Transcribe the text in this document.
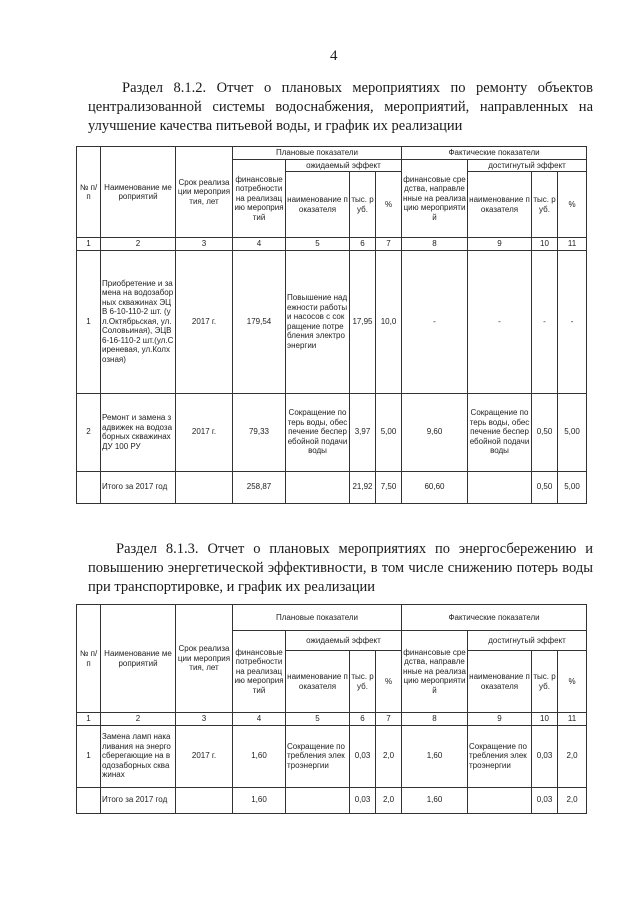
4
Раздел 8.1.2. Отчет о плановых мероприятиях по ремонту объектов централизованной системы водоснабжения, мероприятий, направленных на улучшение качества питьевой воды, и график их реализации
№ п/п	Наименование мероприятий	Срок реализации мероприятия, лет	Плановые показатели				Фактические показатели			
			финансовые потребности на реализацию мероприятий	ожидаемый эффект			финансовые средства, направленные на реализацию мероприятий	достигнутый эффект		
				наименование показателя	тыс. руб.	%		наименование показателя	тыс. руб.	%
1	2	3	4	5	6	7	8	9	10	11
1	Приобретение и замена на водозаборных скважинах ЭЦВ 6-10-110-2 шт. (ул.Октябрьская, ул.Соловьиная), ЭЦВ 6-16-110-2 шт.(ул.Сиреневая, ул.Колхозная)	2017 г.	179,54	Повышение надежности работы и насосов с сокращение потребления электроэнергии	17,95	10,0	-	-	-	-
2	Ремонт и замена задвижек на водозаборных скважинах ДУ 100 РУ	2017 г.	79,33	Сокращение потерь воды, обеспечение бесперебойной подачи воды	3,97	5,00	9,60	Сокращение потерь воды, обеспечение бесперебойной подачи воды	0,50	5,00
	Итого за 2017 год		258,87		21,92	7,50	60,60		0,50	5,00
Раздел 8.1.3. Отчет о плановых мероприятиях по энергосбережению и повышению энергетической эффективности, в том числе снижению потерь воды при транспортировке, и график их реализации
№ п/п	Наименование мероприятий	Срок реализации мероприятия, лет	Плановые показатели				Фактические показатели			
			финансовые потребности на реализацию мероприятий	ожидаемый эффект			финансовые средства, направленные на реализацию мероприятий	достигнутый эффект		
				наименование показателя	тыс. руб.	%		наименование показателя	тыс. руб.	%
1	2	3	4	5	6	7	8	9	10	11
1	Замена ламп накаливания на энергосберегающие на водозаборных скважинах	2017 г.	1,60	Сокращение потребления электроэнергии	0,03	2,0	1,60	Сокращение потребления электроэнергии	0,03	2,0
	Итого за 2017 год		1,60		0,03	2,0	1,60		0,03	2,0
